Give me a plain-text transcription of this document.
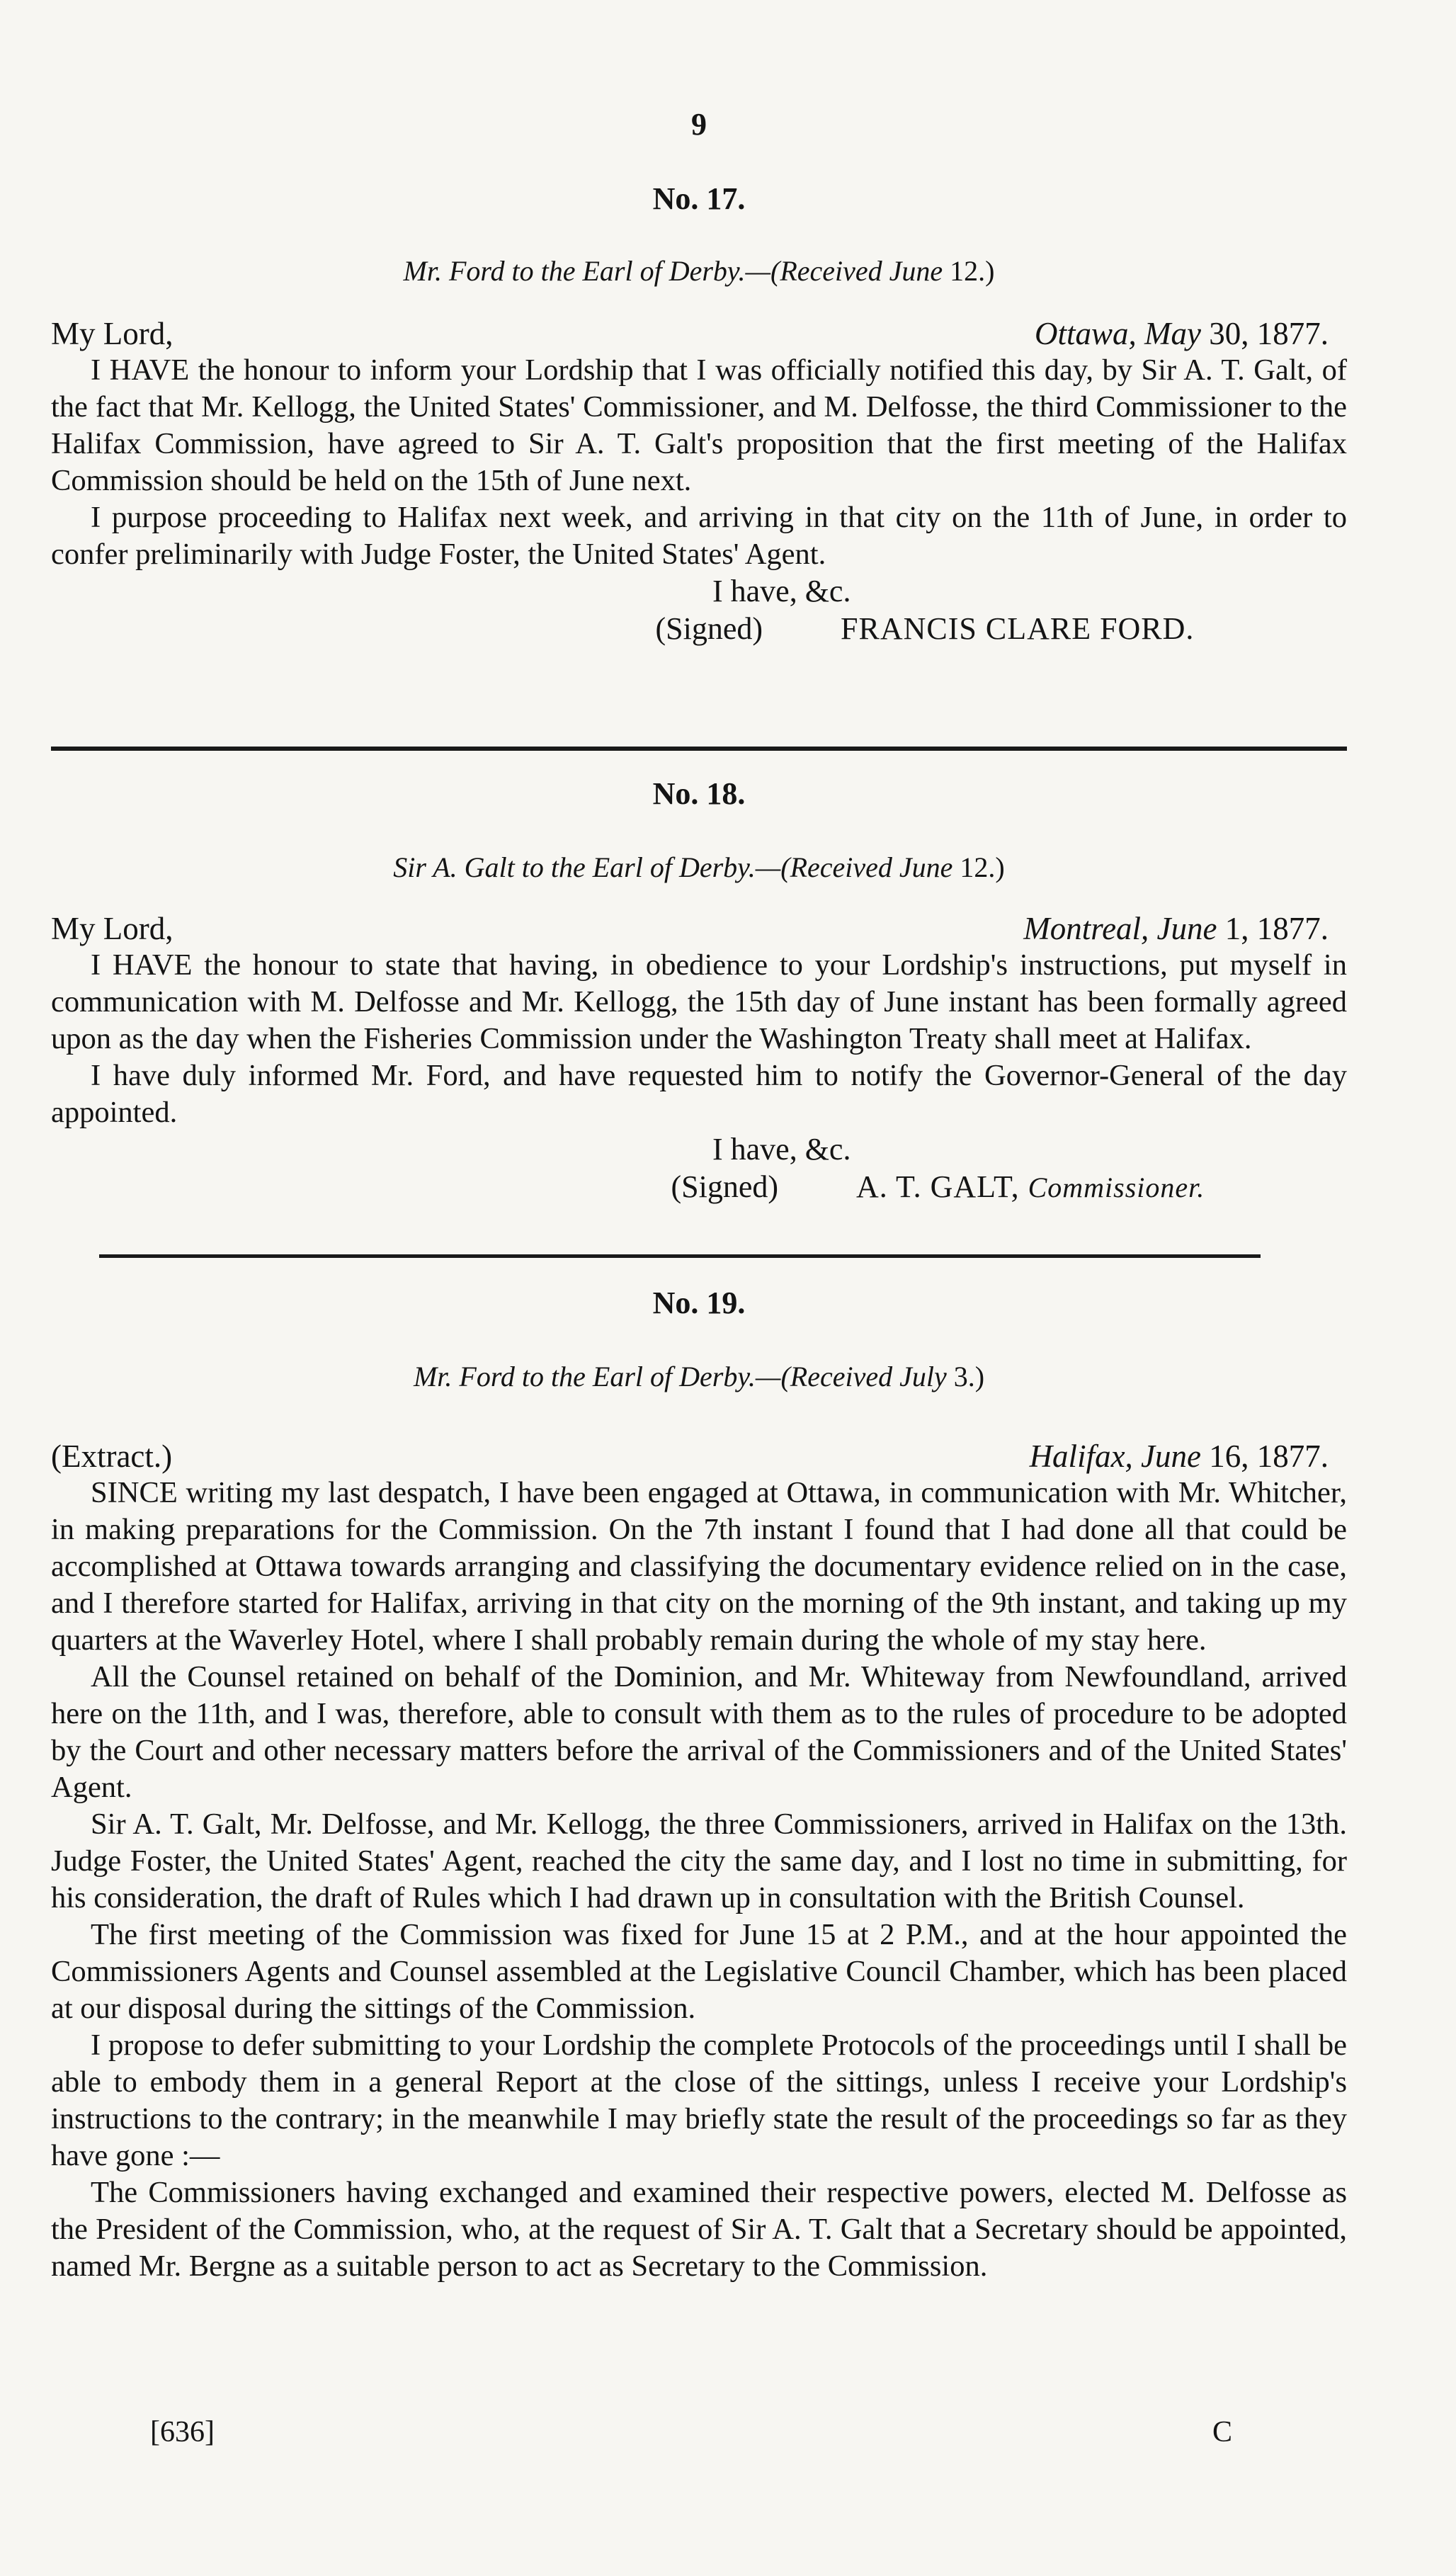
9
No. 17.
Mr. Ford to the Earl of Derby.—(Received June 12.)
My Lord,	Ottawa, May 30, 1877.

I HAVE the honour to inform your Lordship that I was officially notified this day, by Sir A. T. Galt, of the fact that Mr. Kellogg, the United States' Commissioner, and M. Delfosse, the third Commissioner to the Halifax Commission, have agreed to Sir A. T. Galt's proposition that the first meeting of the Halifax Commission should be held on the 15th of June next.

I purpose proceeding to Halifax next week, and arriving in that city on the 11th of June, in order to confer preliminarily with Judge Foster, the United States' Agent.

I have, &c.
(Signed)	FRANCIS CLARE FORD.
No. 18.
Sir A. Galt to the Earl of Derby.—(Received June 12.)
My Lord,	Montreal, June 1, 1877.

I HAVE the honour to state that having, in obedience to your Lordship's instructions, put myself in communication with M. Delfosse and Mr. Kellogg, the 15th day of June instant has been formally agreed upon as the day when the Fisheries Commission under the Washington Treaty shall meet at Halifax.

I have duly informed Mr. Ford, and have requested him to notify the Governor-General of the day appointed.

I have, &c.
(Signed)	A. T. GALT, Commissioner.
No. 19.
Mr. Ford to the Earl of Derby.—(Received July 3.)
(Extract.)	Halifax, June 16, 1877.

SINCE writing my last despatch, I have been engaged at Ottawa, in communication with Mr. Whitcher, in making preparations for the Commission. On the 7th instant I found that I had done all that could be accomplished at Ottawa towards arranging and classifying the documentary evidence relied on in the case, and I therefore started for Halifax, arriving in that city on the morning of the 9th instant, and taking up my quarters at the Waverley Hotel, where I shall probably remain during the whole of my stay here.

All the Counsel retained on behalf of the Dominion, and Mr. Whiteway from Newfoundland, arrived here on the 11th, and I was, therefore, able to consult with them as to the rules of procedure to be adopted by the Court and other necessary matters before the arrival of the Commissioners and of the United States' Agent.

Sir A. T. Galt, Mr. Delfosse, and Mr. Kellogg, the three Commissioners, arrived in Halifax on the 13th. Judge Foster, the United States' Agent, reached the city the same day, and I lost no time in submitting, for his consideration, the draft of Rules which I had drawn up in consultation with the British Counsel.

The first meeting of the Commission was fixed for June 15 at 2 P.M., and at the hour appointed the Commissioners Agents and Counsel assembled at the Legislative Council Chamber, which has been placed at our disposal during the sittings of the Commission.

I propose to defer submitting to your Lordship the complete Protocols of the proceedings until I shall be able to embody them in a general Report at the close of the sittings, unless I receive your Lordship's instructions to the contrary; in the meanwhile I may briefly state the result of the proceedings so far as they have gone :—

The Commissioners having exchanged and examined their respective powers, elected M. Delfosse as the President of the Commission, who, at the request of Sir A. T. Galt that a Secretary should be appointed, named Mr. Bergne as a suitable person to act as Secretary to the Commission.

[636]	C
